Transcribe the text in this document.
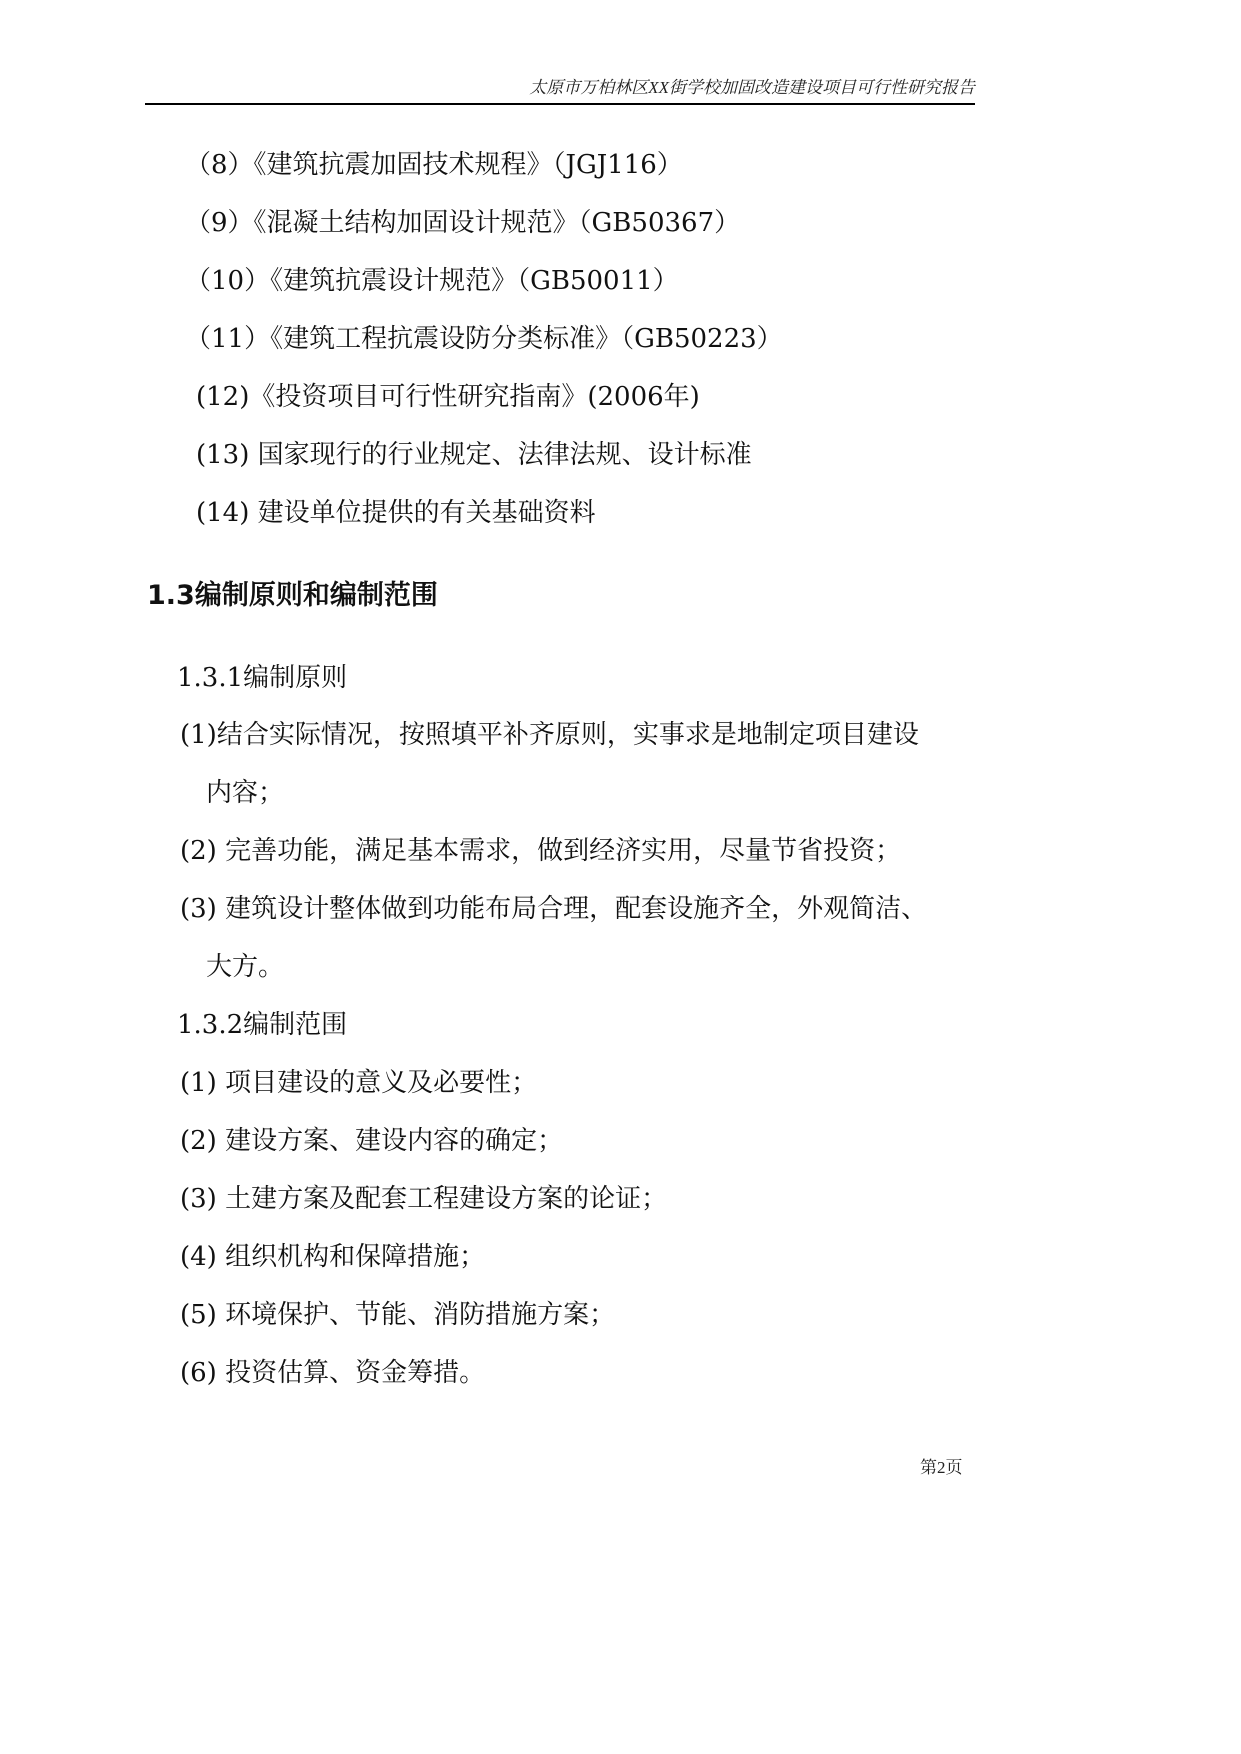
太原市万柏林区XX街学校加固改造建设项目可行性研究报告
（8）《建筑抗震加固技术规程》（JGJ116）
（9）《混凝土结构加固设计规范》（GB50367）
（10）《建筑抗震设计规范》（GB50011）
（11）《建筑工程抗震设防分类标准》（GB50223）
(12)《投资项目可行性研究指南》(2006年)
(13) 国家现行的行业规定、法律法规、设计标准
(14) 建设单位提供的有关基础资料
1.3编制原则和编制范围
1.3.1编制原则
(1)结合实际情况，按照填平补齐原则，实事求是地制定项目建设
内容；
(2) 完善功能，满足基本需求，做到经济实用，尽量节省投资；
(3) 建筑设计整体做到功能布局合理，配套设施齐全，外观简洁、
大方。
1.3.2编制范围
(1) 项目建设的意义及必要性；
(2) 建设方案、建设内容的确定；
(3) 土建方案及配套工程建设方案的论证；
(4) 组织机构和保障措施；
(5) 环境保护、节能、消防措施方案；
(6) 投资估算、资金筹措。
第2页
